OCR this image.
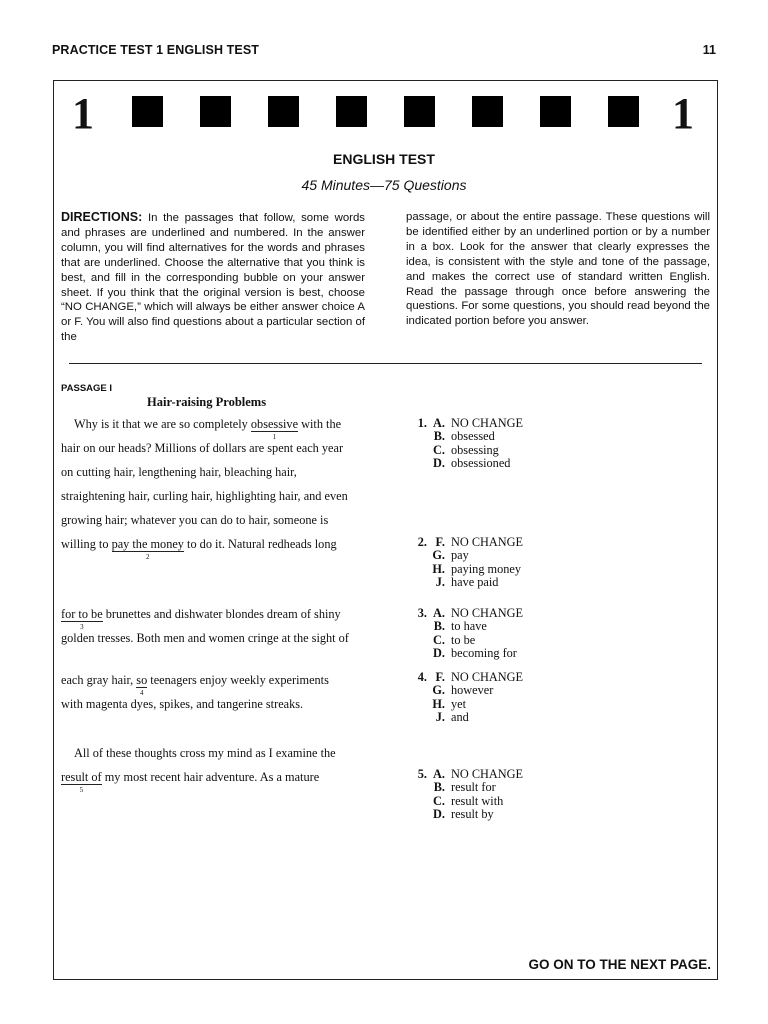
PRACTICE TEST 1 ENGLISH TEST	11
1	1
ENGLISH TEST
45 Minutes—75 Questions
DIRECTIONS: In the passages that follow, some words and phrases are underlined and numbered. In the answer column, you will find alternatives for the words and phrases that are underlined. Choose the alternative that you think is best, and fill in the corresponding bubble on your answer sheet. If you think that the original version is best, choose “NO CHANGE,” which will always be either answer choice A or F. You will also find questions about a particular section of the
passage, or about the entire passage. These questions will be identified either by an underlined portion or by a number in a box. Look for the answer that clearly expresses the idea, is consistent with the style and tone of the passage, and makes the correct use of standard written English. Read the passage through once before answering the questions. For some questions, you should read beyond the indicated portion before you answer.
PASSAGE I
Hair-raising Problems
Why is it that we are so completely obsessive
1
with the
hair on our heads? Millions of dollars are spent each year
on cutting hair, lengthening hair, bleaching hair,
straightening hair, curling hair, highlighting hair, and even
growing hair; whatever you can do to hair, someone is
willing to pay the money
2
to do it. Natural redheads long
for to be
3
brunettes and dishwater blondes dream of shiny
golden tresses. Both men and women cringe at the sight of
each gray hair, so
4
teenagers enjoy weekly experiments
with magenta dyes, spikes, and tangerine streaks.
All of these thoughts cross my mind as I examine the
result of
5
my most recent hair adventure. As a mature
1. A. NO CHANGE
B. obsessed
C. obsessing
D. obsessioned
2. F. NO CHANGE
G. pay
H. paying money
J. have paid
3. A. NO CHANGE
B. to have
C. to be
D. becoming for
4. F. NO CHANGE
G. however
H. yet
J. and
5. A. NO CHANGE
B. result for
C. result with
D. result by
GO ON TO THE NEXT PAGE.
